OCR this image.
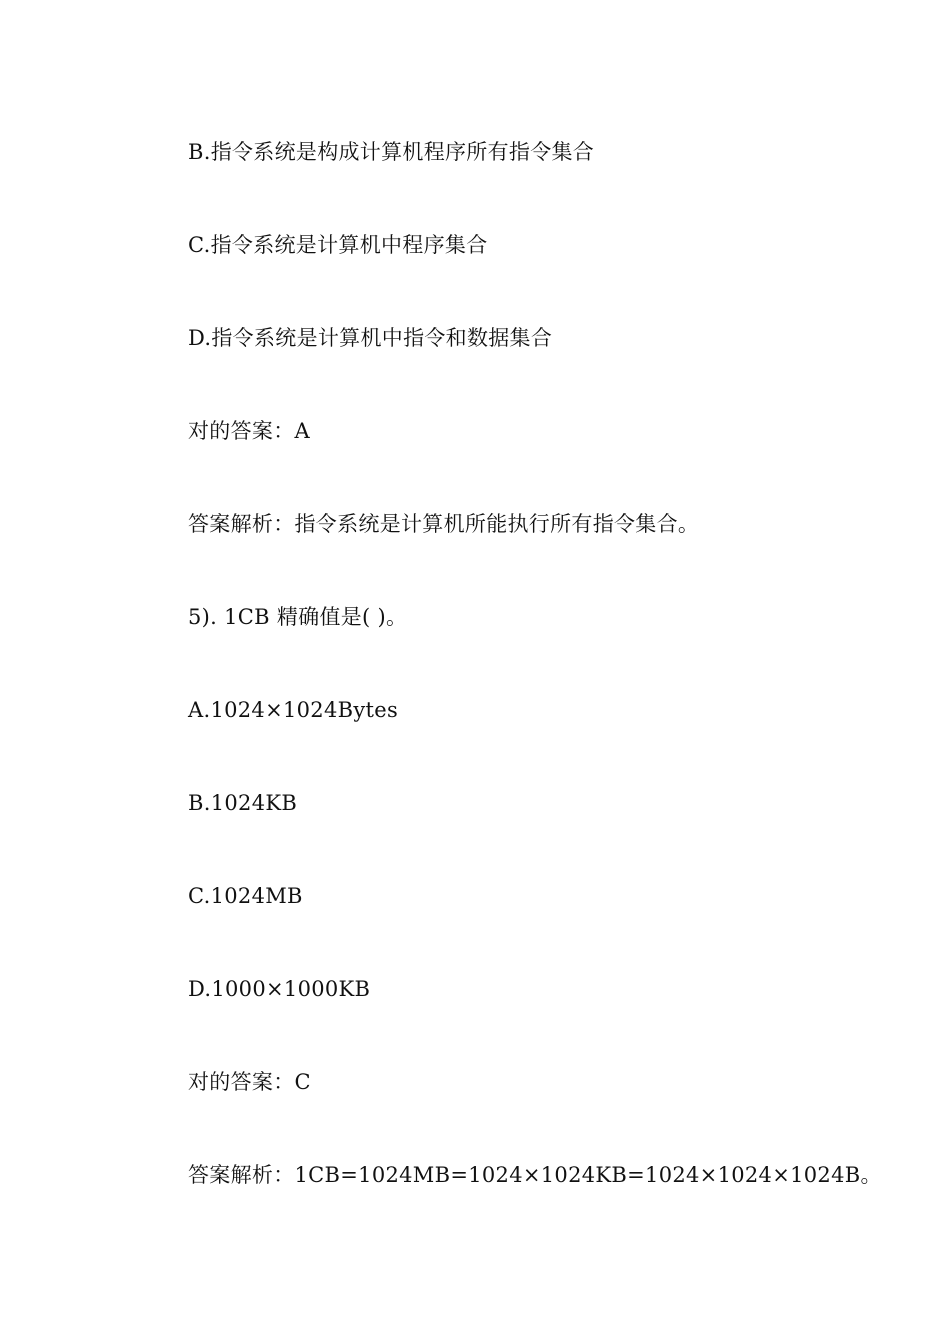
B.指令系统是构成计算机程序所有指令集合
C.指令系统是计算机中程序集合
D.指令系统是计算机中指令和数据集合
对的答案：A
答案解析：指令系统是计算机所能执行所有指令集合。
5). 1CB 精确值是( )。
A.1024×1024Bytes
B.1024KB
C.1024MB
D.1000×1000KB
对的答案：C
答案解析：1CB=1024MB=1024×1024KB=1024×1024×1024B。
